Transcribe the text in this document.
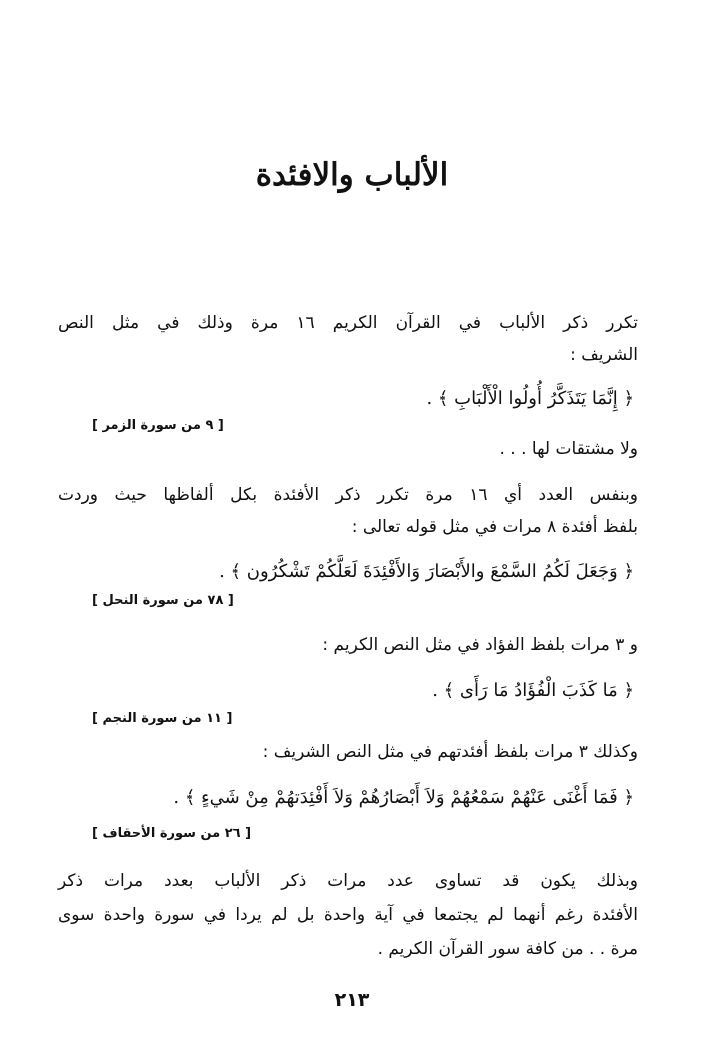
الألباب والافئدة

تكرر ذكر الألباب في القرآن الكريم ١٦ مرة وذلك في مثل النص

الشريف :

﴿ إِنَّمَا يَتَذَكَّرُ أُولُوا الْأَلْبَابِ ﴾ .

[ ٩ من سورة الزمر ]

ولا مشتقات لها . . .

وبنفس العدد أي ١٦ مرة تكرر ذكر الأفئدة بكل ألفاظها حيث وردت

بلفظ أفئدة ٨ مرات في مثل قوله تعالى :

﴿ وَجَعَلَ لَكُمُ السَّمْعَ والأَبْصَارَ وَالأَفْئِدَةَ لَعَلَّكُمْ تَشْكُرُون ﴾ .

[ ٧٨ من سورة النحل ]

و ٣ مرات بلفظ الفؤاد في مثل النص الكريم :

﴿ مَا كَذَبَ الْفُؤَادُ مَا رَأَى ﴾ .

[ ١١ من سورة النجم ]

وكذلك ٣ مرات بلفظ أفئدتهم في مثل النص الشريف :

﴿ فَمَا أَغْنَى عَنْهُمْ سَمْعُهُمْ وَلاَ أَبْصَارُهُمْ وَلاَ أَفْئِدَتهُمْ مِنْ شَيءٍ ﴾ .

[ ٢٦ من سورة الأحقاف ]

وبذلك يكون قد تساوى عدد مرات ذكر الألباب بعدد مرات ذكر

الأفئدة رغم أنهما لم يجتمعا في آية واحدة بل لم يردا في سورة واحدة سوى

مرة . . من كافة سور القرآن الكريم .

٢١٣
